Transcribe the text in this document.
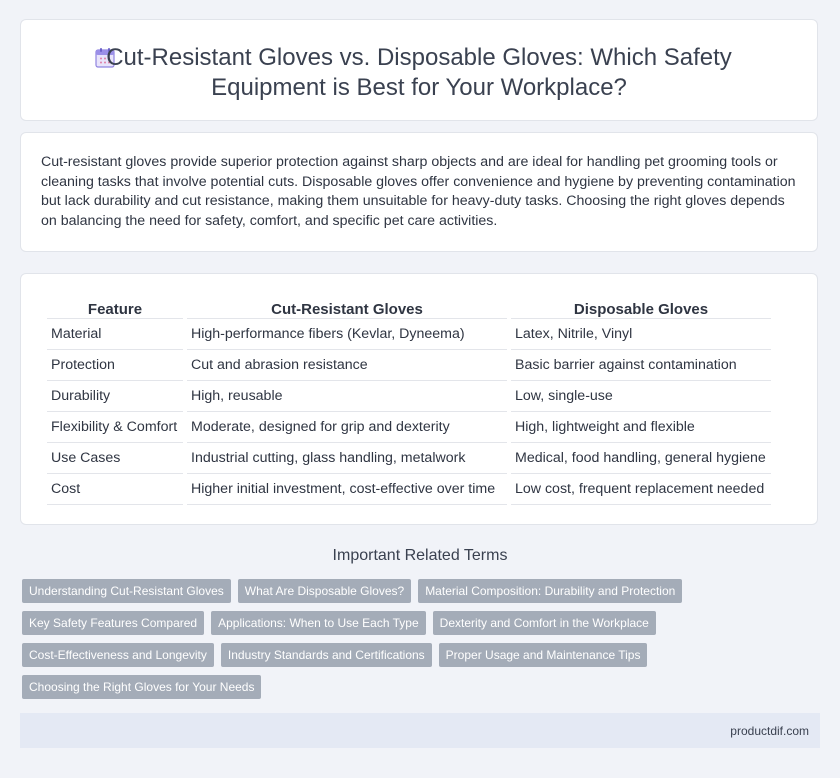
Cut-Resistant Gloves vs. Disposable Gloves: Which Safety
Equipment is Best for Your Workplace?
Cut-resistant gloves provide superior protection against sharp objects and are ideal for handling pet grooming tools or cleaning tasks that involve potential cuts. Disposable gloves offer convenience and hygiene by preventing contamination but lack durability and cut resistance, making them unsuitable for heavy-duty tasks. Choosing the right gloves depends on balancing the need for safety, comfort, and specific pet care activities.
Feature	Cut-Resistant Gloves	Disposable Gloves
Material	High-performance fibers (Kevlar, Dyneema)	Latex, Nitrile, Vinyl
Protection	Cut and abrasion resistance	Basic barrier against contamination
Durability	High, reusable	Low, single-use
Flexibility & Comfort	Moderate, designed for grip and dexterity	High, lightweight and flexible
Use Cases	Industrial cutting, glass handling, metalwork	Medical, food handling, general hygiene
Cost	Higher initial investment, cost-effective over time	Low cost, frequent replacement needed
Important Related Terms
Understanding Cut-Resistant Gloves	What Are Disposable Gloves?	Material Composition: Durability and Protection
Key Safety Features Compared	Applications: When to Use Each Type	Dexterity and Comfort in the Workplace
Cost-Effectiveness and Longevity	Industry Standards and Certifications	Proper Usage and Maintenance Tips
Choosing the Right Gloves for Your Needs
productdif.com
